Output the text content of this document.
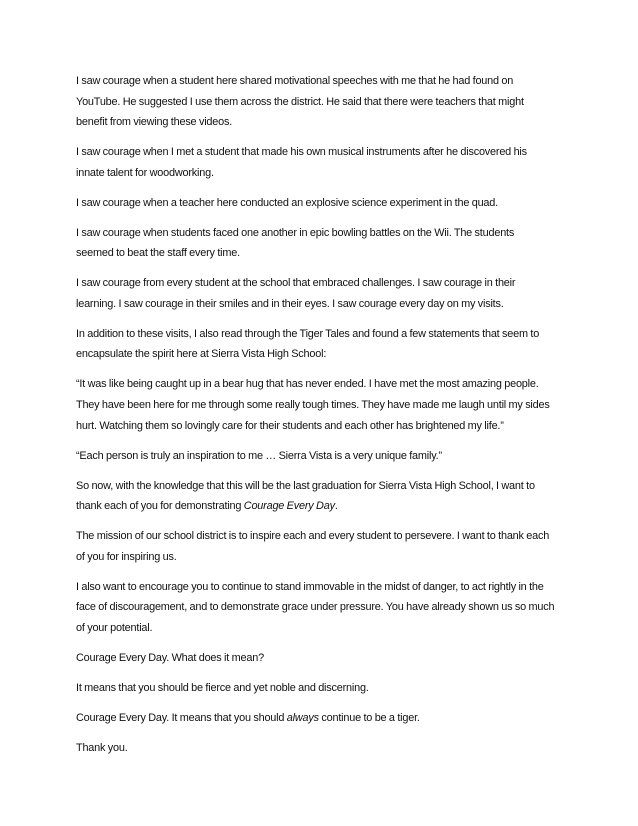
I saw courage when a student here shared motivational speeches with me that he had found on
YouTube. He suggested I use them across the district. He said that there were teachers that might
benefit from viewing these videos.

I saw courage when I met a student that made his own musical instruments after he discovered his
innate talent for woodworking.

I saw courage when a teacher here conducted an explosive science experiment in the quad.

I saw courage when students faced one another in epic bowling battles on the Wii. The students
seemed to beat the staff every time.

I saw courage from every student at the school that embraced challenges. I saw courage in their
learning. I saw courage in their smiles and in their eyes. I saw courage every day on my visits.

In addition to these visits, I also read through the Tiger Tales and found a few statements that seem to
encapsulate the spirit here at Sierra Vista High School:

“It was like being caught up in a bear hug that has never ended. I have met the most amazing people.
They have been here for me through some really tough times. They have made me laugh until my sides
hurt. Watching them so lovingly care for their students and each other has brightened my life.”

“Each person is truly an inspiration to me … Sierra Vista is a very unique family.”

So now, with the knowledge that this will be the last graduation for Sierra Vista High School, I want to
thank each of you for demonstrating Courage Every Day.

The mission of our school district is to inspire each and every student to persevere. I want to thank each
of you for inspiring us.

I also want to encourage you to continue to stand immovable in the midst of danger, to act rightly in the
face of discouragement, and to demonstrate grace under pressure. You have already shown us so much
of your potential.

Courage Every Day. What does it mean?

It means that you should be fierce and yet noble and discerning.

Courage Every Day. It means that you should always continue to be a tiger.

Thank you.
